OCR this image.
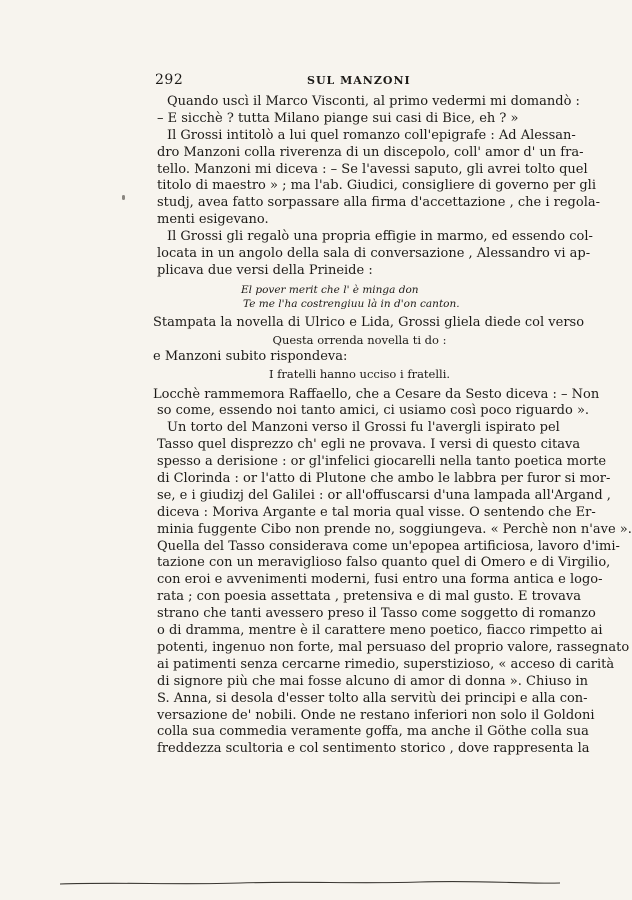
292	SUL MANZONI
Quando uscì il Marco Visconti, al primo vedermi mi domandò :
– E sicchè ? tutta Milano piange sui casi di Bice, eh ? »
Il Grossi intitolò a lui quel romanzo coll'epigrafe : Ad Alessan-
dro Manzoni colla riverenza di un discepolo, coll' amor d' un fra-
tello. Manzoni mi diceva : – Se l'avessi saputo, gli avrei tolto quel
titolo di maestro » ; ma l'ab. Giudici, consigliere di governo per gli
studj, avea fatto sorpassare alla firma d'accettazione , che i regola-
menti esigevano.
Il Grossi gli regalò una propria effigie in marmo, ed essendo col-
locata in un angolo della sala di conversazione , Alessandro vi ap-
plicava due versi della Prineide :
El pover merit che l' è minga don
Te me l'ha costrengiuu là in d'on canton.
Stampata la novella di Ulrico e Lida, Grossi gliela diede col verso
Questa orrenda novella ti do :
e Manzoni subito rispondeva:
I fratelli hanno ucciso i fratelli.
Locchè rammemora Raffaello, che a Cesare da Sesto diceva : – Non
so come, essendo noi tanto amici, ci usiamo così poco riguardo ».
Un torto del Manzoni verso il Grossi fu l'avergli ispirato pel
Tasso quel disprezzo ch' egli ne provava. I versi di questo citava
spesso a derisione : or gl'infelici giocarelli nella tanto poetica morte
di Clorinda : or l'atto di Plutone che ambo le labbra per furor si mor-
se, e i giudizj del Galilei : or all'offuscarsi d'una lampada all'Argand ,
diceva : Moriva Argante e tal moria qual visse. O sentendo che Er-
minia fuggente Cibo non prende no, soggiungeva. « Perchè non n'ave ».
Quella del Tasso considerava come un'epopea artificiosa, lavoro d'imi-
tazione con un meraviglioso falso quanto quel di Omero e di Virgilio,
con eroi e avvenimenti moderni, fusi entro una forma antica e logo-
rata ; con poesia assettata , pretensiva e di mal gusto. E trovava
strano che tanti avessero preso il Tasso come soggetto di romanzo
o di dramma, mentre è il carattere meno poetico, fiacco rimpetto ai
potenti, ingenuo non forte, mal persuaso del proprio valore, rassegnato
ai patimenti senza cercarne rimedio, superstizioso, « acceso di carità
di signore più che mai fosse alcuno di amor di donna ». Chiuso in
S. Anna, si desola d'esser tolto alla servitù dei principi e alla con-
versazione de' nobili. Onde ne restano inferiori non solo il Goldoni
colla sua commedia veramente goffa, ma anche il Göthe colla sua
freddezza scultoria e col sentimento storico , dove rappresenta la
